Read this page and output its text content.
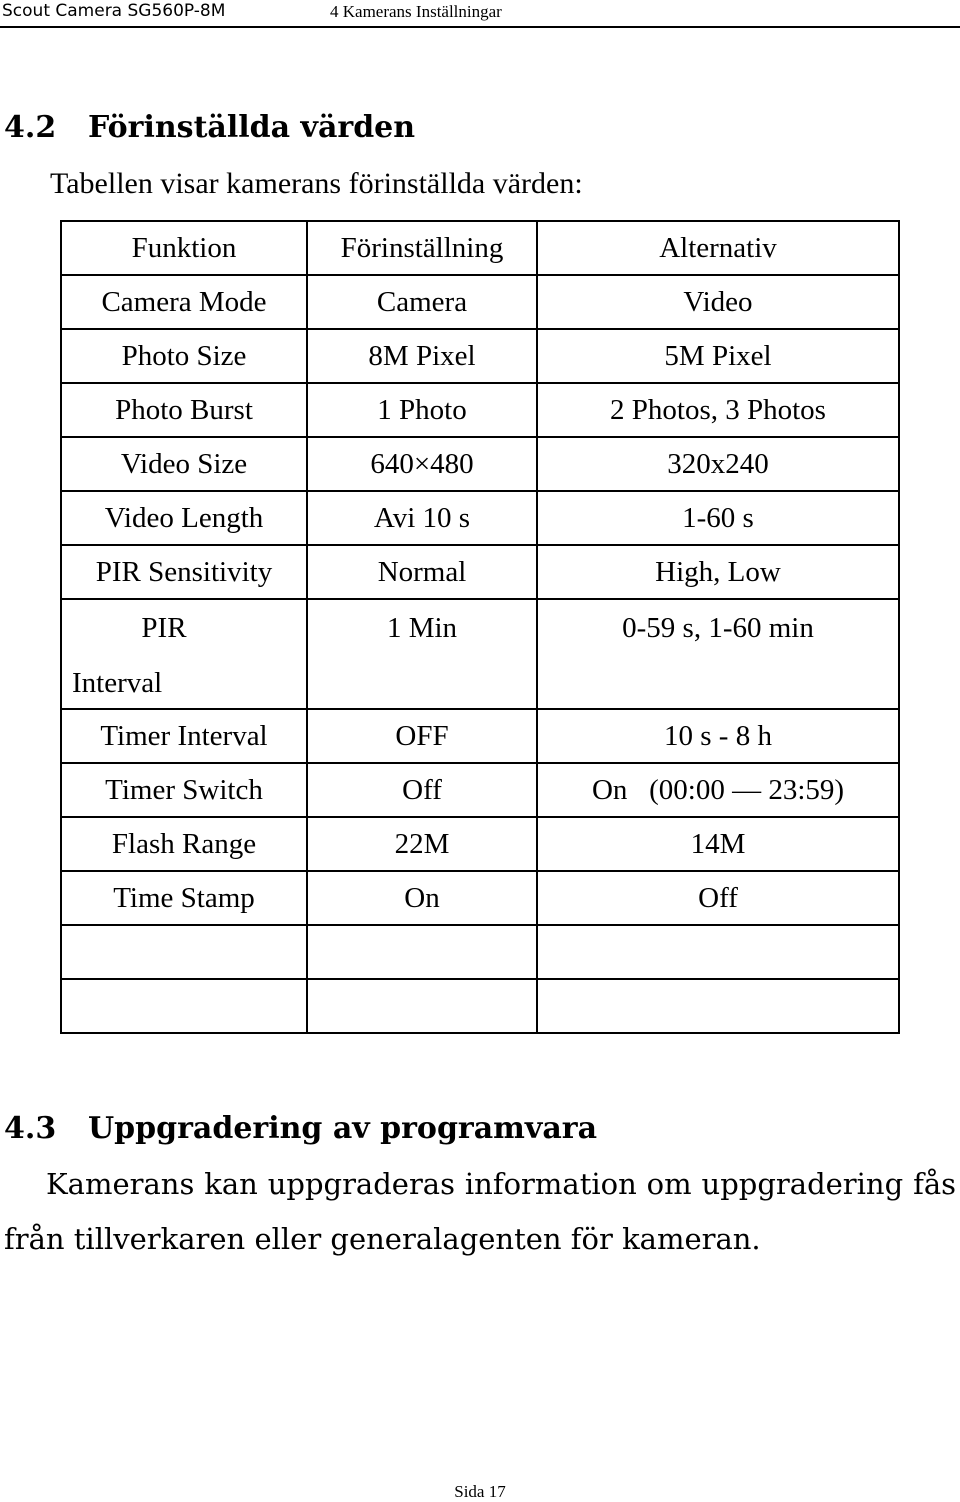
Scout Camera SG560P-8M	4 Kamerans Inställningar
4.2 Förinställda värden
Tabellen visar kamerans förinställda värden:
Funktion	Förinställning	Alternativ
Camera Mode	Camera	Video
Photo Size	8M Pixel	5M Pixel
Photo Burst	1 Photo	2 Photos, 3 Photos
Video Size	640×480	320x240
Video Length	Avi 10 s	1-60 s
PIR Sensitivity	Normal	High, Low

PIR
Interval	1 Min	0-59 s, 1-60 min
Timer Interval	OFF	10 s - 8 h
Timer Switch	Off	On   (00:00 — 23:59)
Flash Range	22M	14M
Time Stamp	On	Off

4.3 Uppgradering av programvara
Kamerans kan uppgraderas information om uppgradering fås
från tillverkaren eller generalagenten för kameran.
Sida 17
